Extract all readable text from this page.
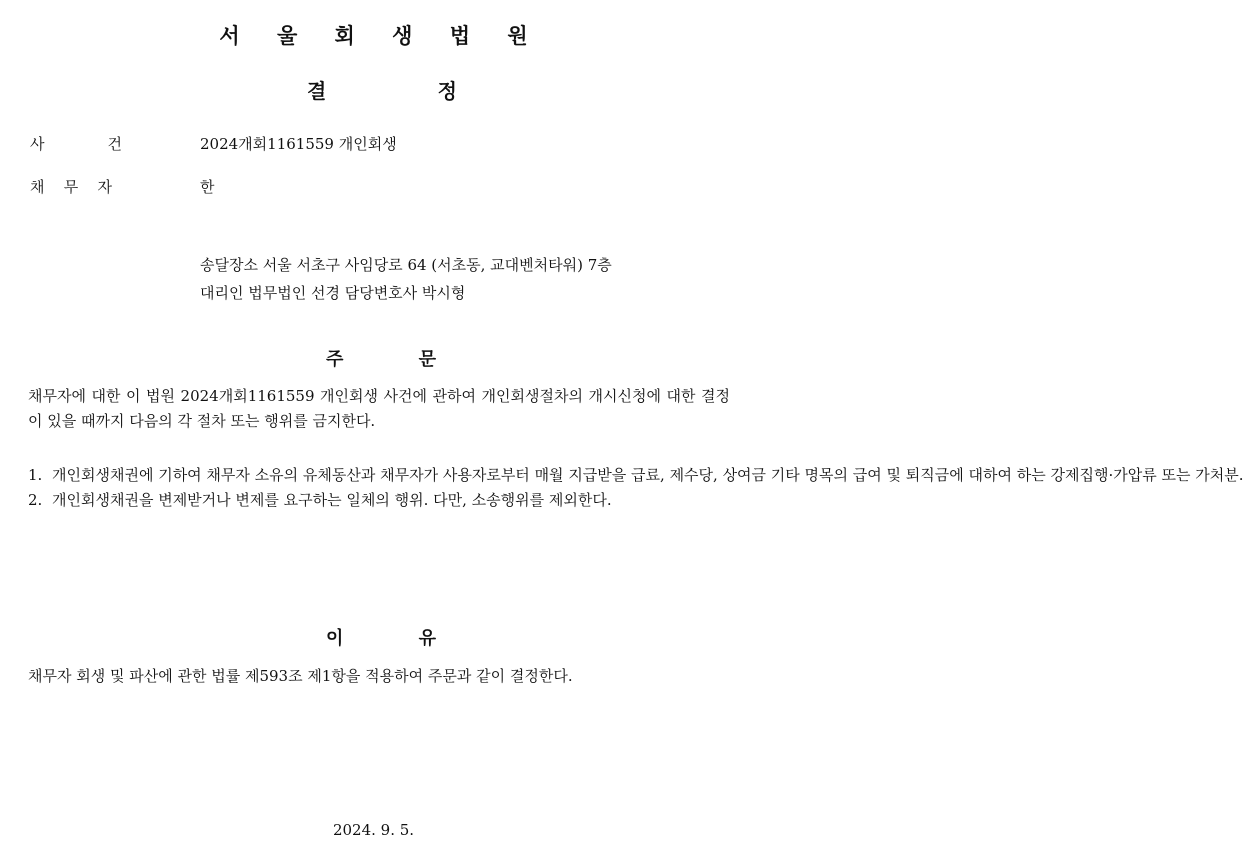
서 울 회 생 법 원
결	정
사	건	2024개회1161559 개인회생
채 무 자	한
송달장소 서울 서초구 사임당로 64 (서초동, 교대벤처타워) 7층
대리인 법무법인 선경 담당변호사 박시형
주	문
채무자에 대한 이 법원 2024개회1161559 개인회생 사건에 관하여 개인회생절차의 개시신청에 대한 결정이 있을 때까지 다음의 각 절차 또는 행위를 금지한다.
1. 개인회생채권에 기하여 채무자 소유의 유체동산과 채무자가 사용자로부터 매월 지급받을 급료, 제수당, 상여금 기타 명목의 급여 및 퇴직금에 대하여 하는 강제집행·가압류 또는 가처분.
2. 개인회생채권을 변제받거나 변제를 요구하는 일체의 행위. 다만, 소송행위를 제외한다.
이	유
채무자 회생 및 파산에 관한 법률 제593조 제1항을 적용하여 주문과 같이 결정한다.
2024. 9. 5.
